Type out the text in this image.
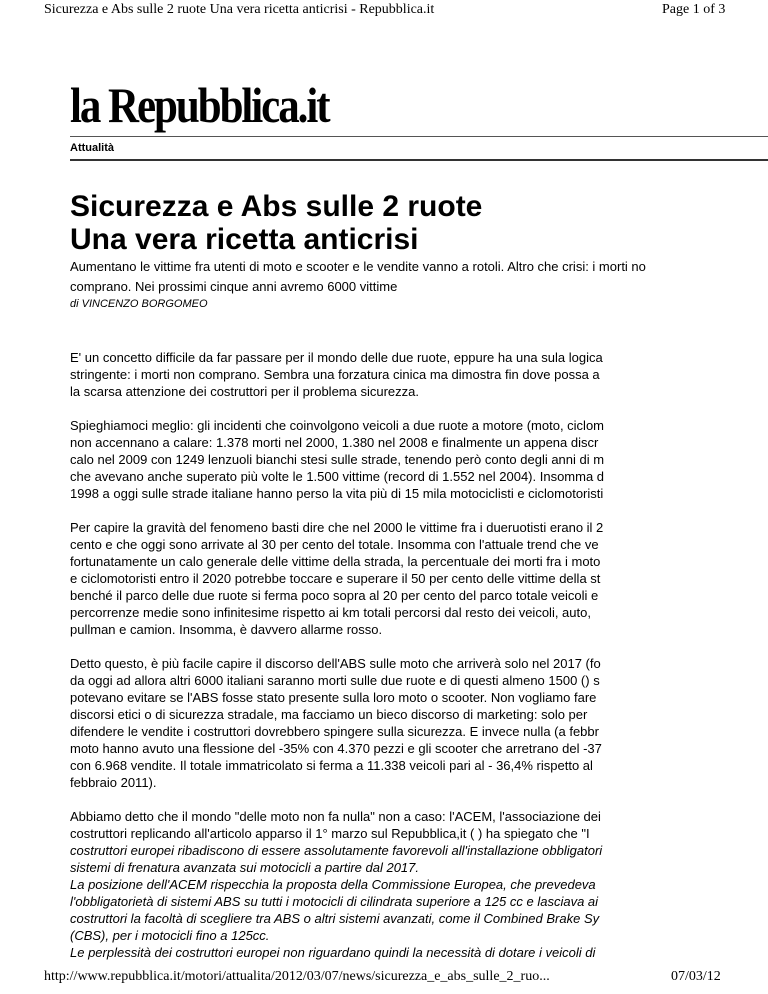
Sicurezza e Abs sulle 2 ruote Una vera ricetta anticrisi - Repubblica.it	Page 1 of 3
la Repubblica.it
Attualità
Sicurezza e Abs sulle 2 ruote
Una vera ricetta anticrisi
Aumentano le vittime fra utenti di moto e scooter e le vendite vanno a rotoli. Altro che crisi: i morti no
comprano. Nei prossimi cinque anni avremo 6000 vittime
di VINCENZO BORGOMEO

E' un concetto difficile da far passare per il mondo delle due ruote, eppure ha una sula logica
stringente: i morti non comprano. Sembra una forzatura cinica ma dimostra fin dove possa a
la scarsa attenzione dei costruttori per il problema sicurezza.

Spieghiamoci meglio: gli incidenti che coinvolgono veicoli a due ruote a motore (moto, ciclom
non accennano a calare: 1.378 morti nel 2000, 1.380 nel 2008 e finalmente un appena discr
calo nel 2009 con 1249 lenzuoli bianchi stesi sulle strade, tenendo però conto degli anni di m
che avevano anche superato più volte le 1.500 vittime (record di 1.552 nel 2004). Insomma d
1998 a oggi sulle strade italiane hanno perso la vita più di 15 mila motociclisti e ciclomotoristi

Per capire la gravità del fenomeno basti dire che nel 2000 le vittime fra i dueruotisti erano il 2
cento e che oggi sono arrivate al 30 per cento del totale. Insomma con l'attuale trend che ve
fortunatamente un calo generale delle vittime della strada, la percentuale dei morti fra i moto
e ciclomotoristi entro il 2020 potrebbe toccare e superare il 50 per cento delle vittime della st
benché il parco delle due ruote si ferma poco sopra al 20 per cento del parco totale veicoli e
percorrenze medie sono infinitesime rispetto ai km totali percorsi dal resto dei veicoli, auto,
pullman e camion. Insomma, è davvero allarme rosso.

Detto questo, è più facile capire il discorso dell'ABS sulle moto che arriverà solo nel 2017 (fo
da oggi ad allora altri 6000 italiani saranno morti sulle due ruote e di questi almeno 1500 () s
potevano evitare se l'ABS fosse stato presente sulla loro moto o scooter. Non vogliamo fare
discorsi etici o di sicurezza stradale, ma facciamo un bieco discorso di marketing: solo per
difendere le vendite i costruttori dovrebbero spingere sulla sicurezza. E invece nulla (a febbr
moto hanno avuto una flessione del -35% con 4.370 pezzi e gli scooter che arretrano del -37
con 6.968 vendite. Il totale immatricolato si ferma a 11.338 veicoli pari al - 36,4% rispetto al
febbraio 2011).

Abbiamo detto che il mondo "delle moto non fa nulla" non a caso: l'ACEM, l'associazione dei
costruttori replicando all'articolo apparso il 1° marzo sul Repubblica,it ( ) ha spiegato che "I
costruttori europei ribadiscono di essere assolutamente favorevoli all'installazione obbligatori
sistemi di frenatura avanzata sui motocicli a partire dal 2017.
La posizione dell'ACEM rispecchia la proposta della Commissione Europea, che prevedeva
l'obbligatorietà di sistemi ABS su tutti i motocicli di cilindrata superiore a 125 cc e lasciava ai
costruttori la facoltà di scegliere tra ABS o altri sistemi avanzati, come il Combined Brake Sy
(CBS), per i motocicli fino a 125cc.
Le perplessità dei costruttori europei non riguardano quindi la necessità di dotare i veicoli di

http://www.repubblica.it/motori/attualita/2012/03/07/news/sicurezza_e_abs_sulle_2_ruo...	07/03/12
